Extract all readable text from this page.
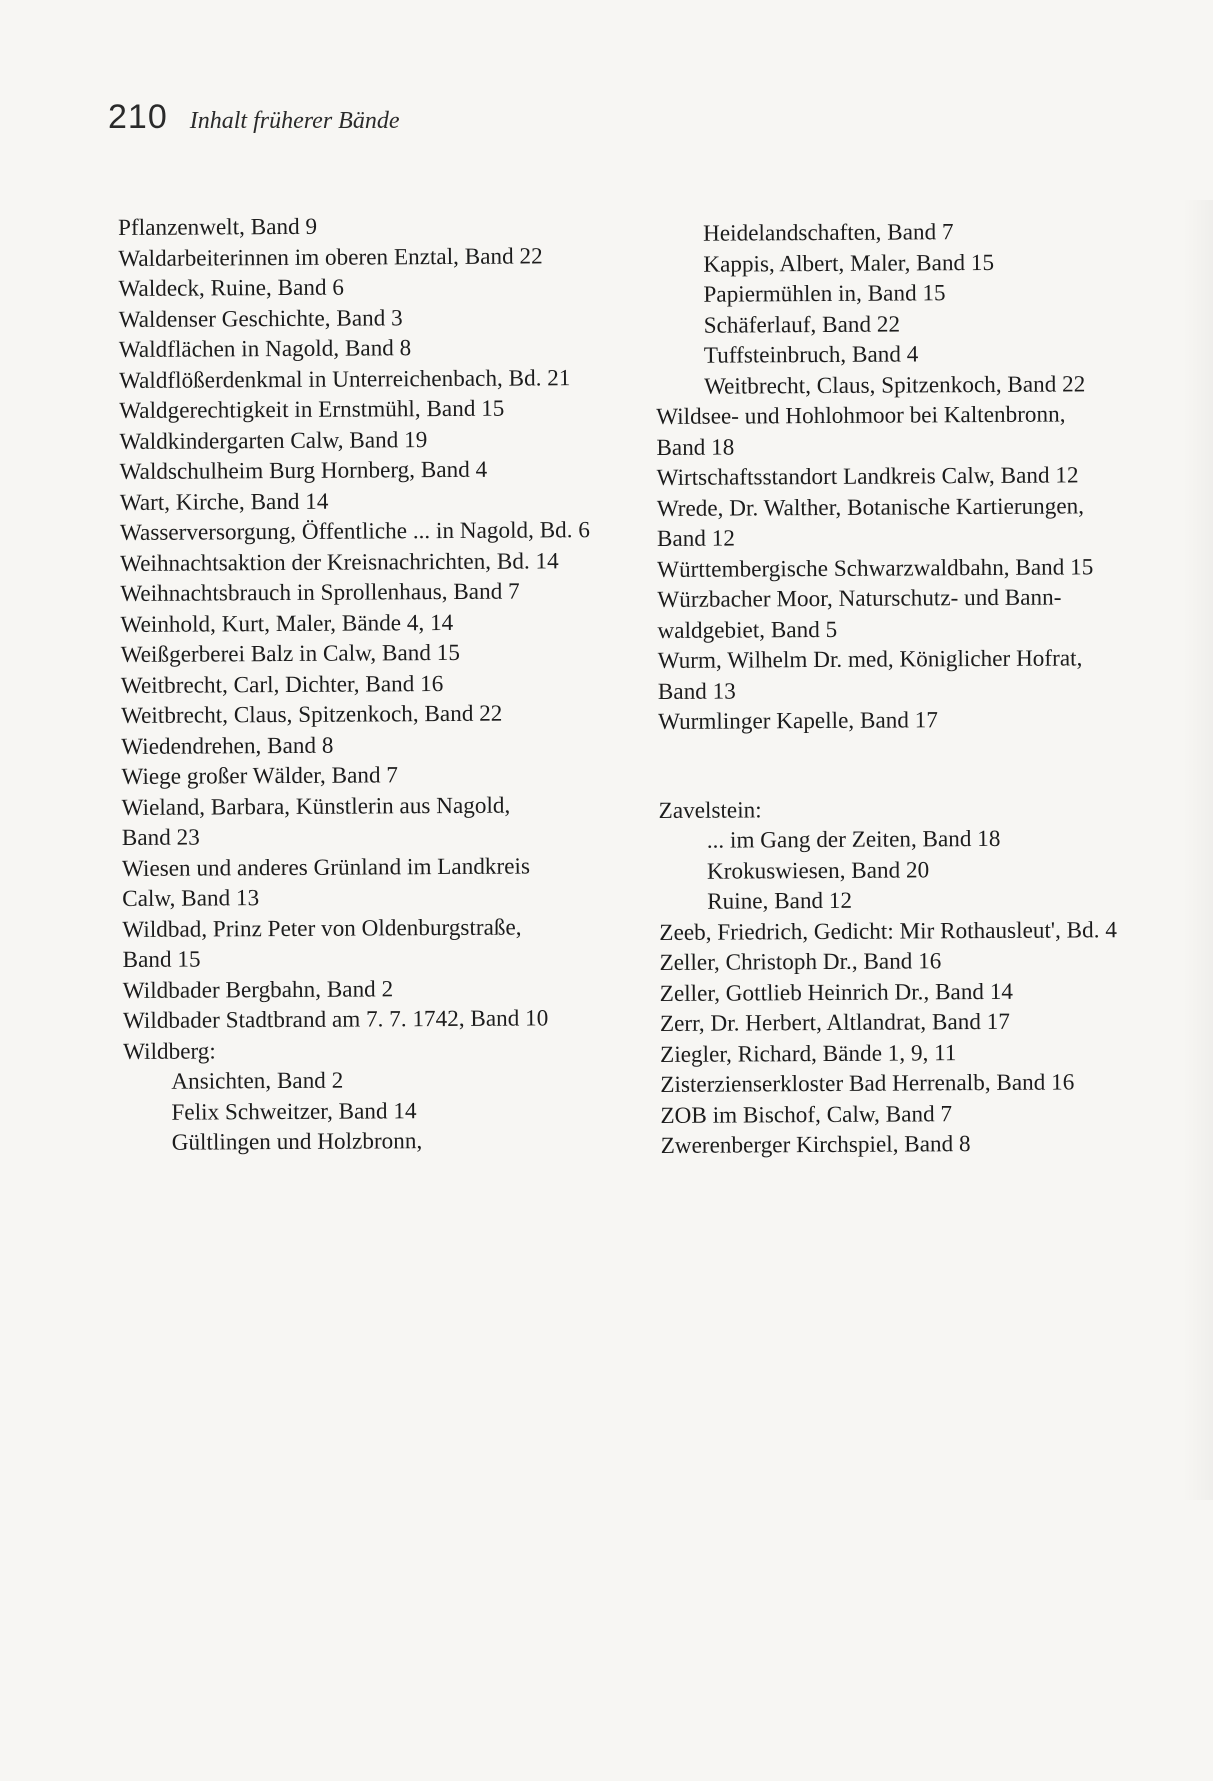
210 Inhalt früherer Bände
Pflanzenwelt, Band 9
Waldarbeiterinnen im oberen Enztal, Band 22
Waldeck, Ruine, Band 6
Waldenser Geschichte, Band 3
Waldflächen in Nagold, Band 8
Waldflößerdenkmal in Unterreichenbach, Bd. 21
Waldgerechtigkeit in Ernstmühl, Band 15
Waldkindergarten Calw, Band 19
Waldschulheim Burg Hornberg, Band 4
Wart, Kirche, Band 14
Wasserversorgung, Öffentliche ... in Nagold, Bd. 6
Weihnachtsaktion der Kreisnachrichten, Bd. 14
Weihnachtsbrauch in Sprollenhaus, Band 7
Weinhold, Kurt, Maler, Bände 4, 14
Weißgerberei Balz in Calw, Band 15
Weitbrecht, Carl, Dichter, Band 16
Weitbrecht, Claus, Spitzenkoch, Band 22
Wiedendrehen, Band 8
Wiege großer Wälder, Band 7
Wieland, Barbara, Künstlerin aus Nagold,
Band 23
Wiesen und anderes Grünland im Landkreis
Calw, Band 13
Wildbad, Prinz Peter von Oldenburgstraße,
Band 15
Wildbader Bergbahn, Band 2
Wildbader Stadtbrand am 7. 7. 1742, Band 10
Wildberg:
Ansichten, Band 2
Felix Schweitzer, Band 14
Gültlingen und Holzbronn,
Heidelandschaften, Band 7
Kappis, Albert, Maler, Band 15
Papiermühlen in, Band 15
Schäferlauf, Band 22
Tuffsteinbruch, Band 4
Weitbrecht, Claus, Spitzenkoch, Band 22
Wildsee- und Hohlohmoor bei Kaltenbronn,
Band 18
Wirtschaftsstandort Landkreis Calw, Band 12
Wrede, Dr. Walther, Botanische Kartierungen,
Band 12
Württembergische Schwarzwaldbahn, Band 15
Würzbacher Moor, Naturschutz- und Bann-
waldgebiet, Band 5
Wurm, Wilhelm Dr. med, Königlicher Hofrat,
Band 13
Wurmlinger Kapelle, Band 17
Zavelstein:
... im Gang der Zeiten, Band 18
Krokuswiesen, Band 20
Ruine, Band 12
Zeeb, Friedrich, Gedicht: Mir Rothausleut', Bd. 4
Zeller, Christoph Dr., Band 16
Zeller, Gottlieb Heinrich Dr., Band 14
Zerr, Dr. Herbert, Altlandrat, Band 17
Ziegler, Richard, Bände 1, 9, 11
Zisterzienserkloster Bad Herrenalb, Band 16
ZOB im Bischof, Calw, Band 7
Zwerenberger Kirchspiel, Band 8
